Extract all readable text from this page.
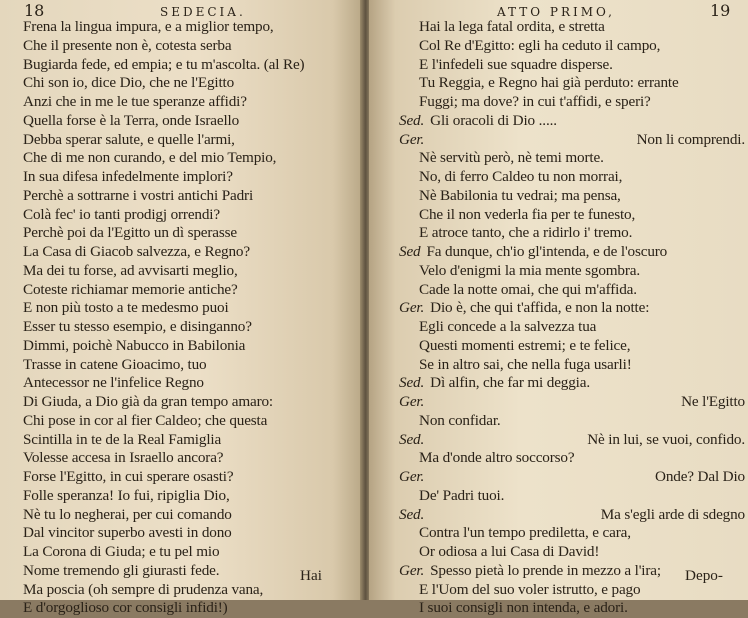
18	SEDECIA.
Frena la lingua impura, e a miglior tempo,
Che il presente non è, cotesta serba
Bugiarda fede, ed empia; e tu m'ascolta. (al Re)
Chi son io, dice Dio, che ne l'Egitto
Anzi che in me le tue speranze affidi?
Quella forse è la Terra, onde Israello
Debba sperar salute, e quelle l'armi,
Che di me non curando, e del mio Tempio,
In sua difesa infedelmente implori?
Perchè a sottrarne i vostri antichi Padri
Colà fec' io tanti prodigj orrendi?
Perchè poi da l'Egitto un dì sperasse
La Casa di Giacob salvezza, e Regno?
Ma dei tu forse, ad avvisarti meglio,
Coteste richiamar memorie antiche?
E non più tosto a te medesmo puoi
Esser tu stesso esempio, e disinganno?
Dimmi, poichè Nabucco in Babilonia
Trasse in catene Gioacimo, tuo
Antecessor ne l'infelice Regno
Di Giuda, a Dio già da gran tempo amaro:
Chi pose in cor al fier Caldeo; che questa
Scintilla in te de la Real Famiglia
Volesse accesa in Israello ancora?
Forse l'Egitto, in cui sperare osasti?
Folle speranza! Io fui, ripiglia Dio,
Nè tu lo negherai, per cui comando
Dal vincitor superbo avesti in dono
La Corona di Giuda; e tu pel mio
Nome tremendo gli giurasti fede.
Ma poscia (oh sempre di prudenza vana,
E d'orgoglioso cor consigli infidi!)
Hai
ATTO PRIMO,	19
Hai la lega fatal ordita, e stretta
Col Re d'Egitto: egli ha ceduto il campo,
E l'infedeli sue squadre disperse.
Tu Reggia, e Regno hai già perduto: errante
Fuggi; ma dove? in cui t'affidi, e speri?
Sed. Gli oracoli di Dio .....
Ger.	Non li comprendi.
Nè servitù però, nè temi morte.
No, di ferro Caldeo tu non morrai,
Nè Babilonia tu vedrai; ma pensa,
Che il non vederla fia per te funesto,
E atroce tanto, che a ridirlo i' tremo.
Sed Fa dunque, ch'io gl'intenda, e de l'oscuro
Velo d'enigmi la mia mente sgombra.
Cade la notte omai, che qui m'affida.
Ger. Dio è, che qui t'affida, e non la notte:
Egli concede a la salvezza tua
Questi momenti estremi; e te felice,
Se in altro sai, che nella fuga usarli!
Sed. Dì alfin, che far mi deggia.
Ger.	Ne l'Egitto
Non confidar.
Sed.	Nè in lui, se vuoi, confido.
Ma d'onde altro soccorso?
Ger.	Onde? Dal Dio
De' Padri tuoi.
Sed.	Ma s'egli arde di sdegno
Contra l'un tempo prediletta, e cara,
Or odiosa a lui Casa di David!
Ger. Spesso pietà lo prende in mezzo a l'ira;
E l'Uom del suo voler istrutto, e pago
I suoi consigli non intenda, e adori.
Depo-
